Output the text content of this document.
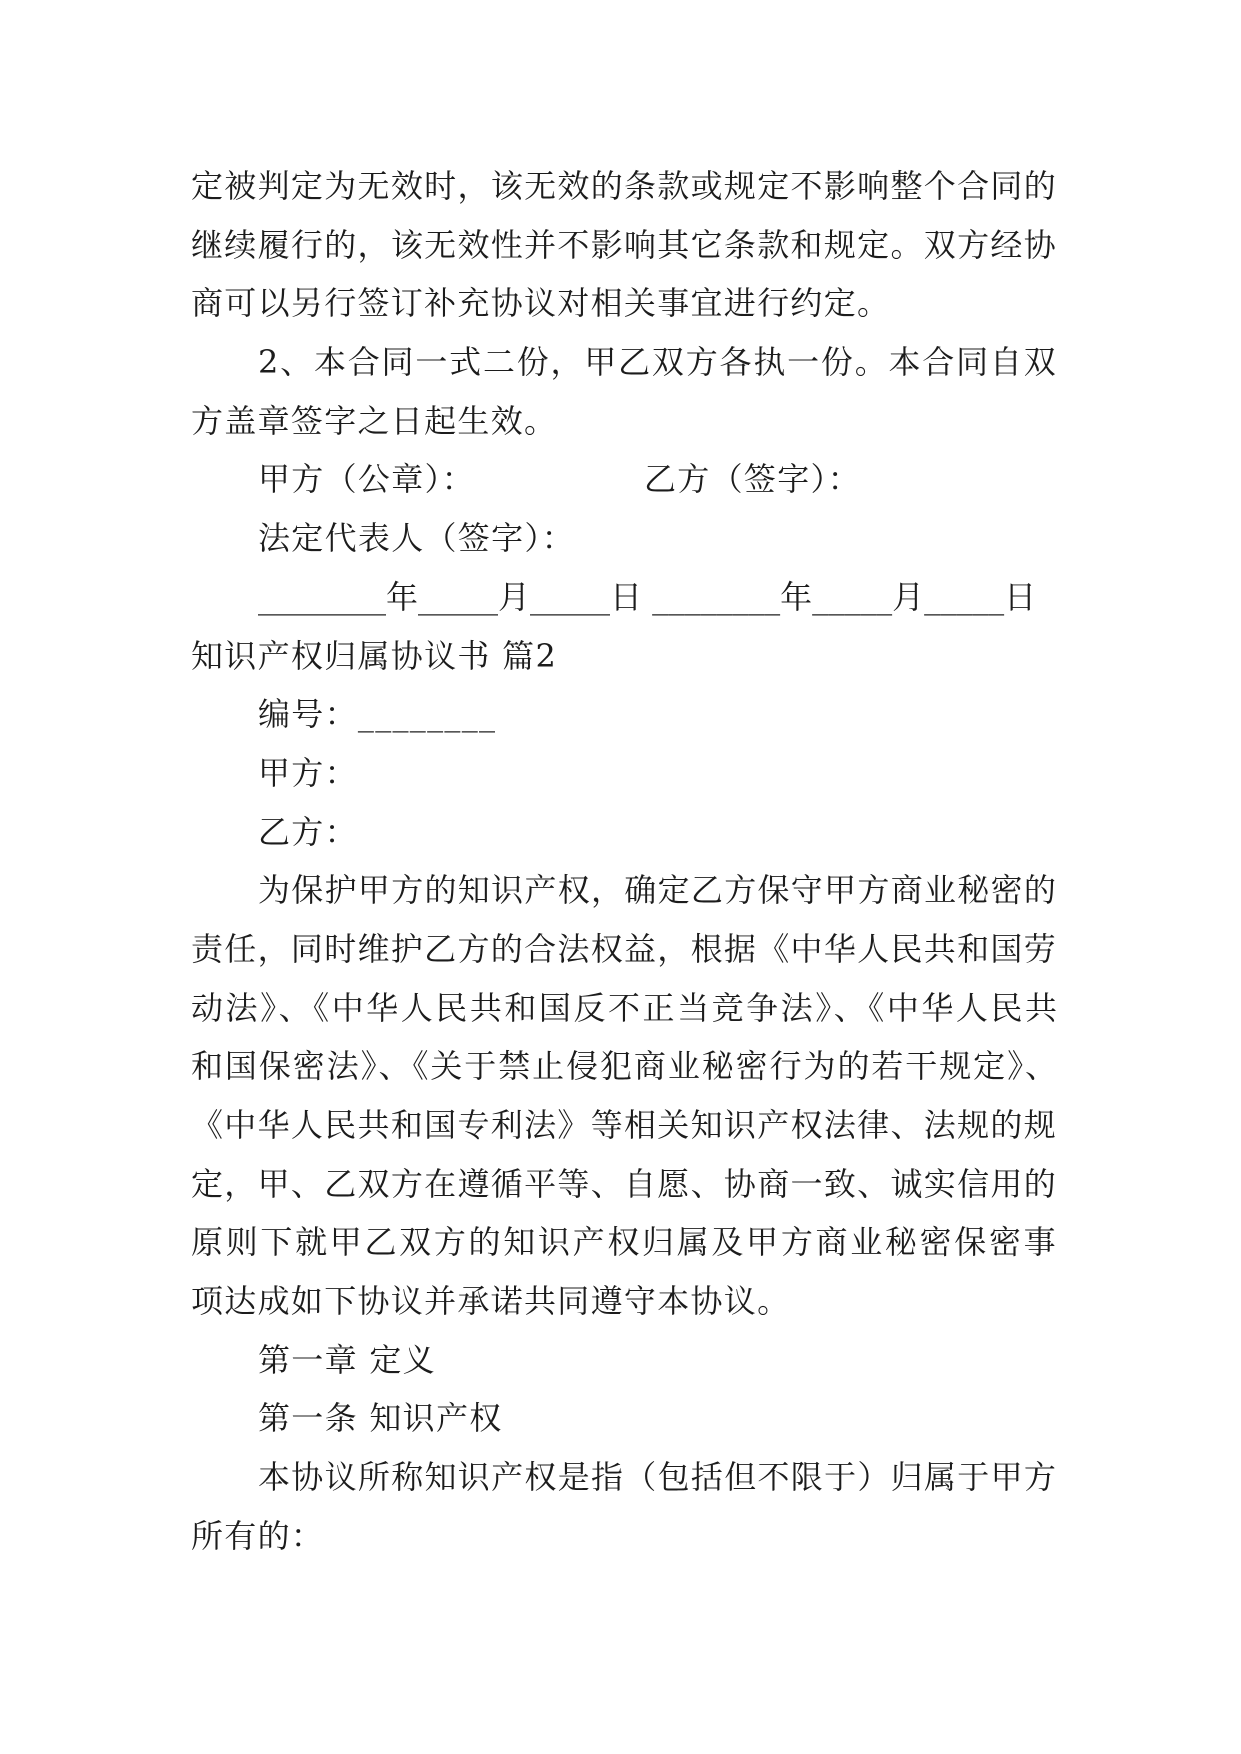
定被判定为无效时，该无效的条款或规定不影响整个合同的
继续履行的，该无效性并不影响其它条款和规定。双方经协
商可以另行签订补充协议对相关事宜进行约定。
2、本合同一式二份，甲乙双方各执一份。本合同自双
方盖章签字之日起生效。
甲方（公章）：	乙方（签字）：
法定代表人（签字）：
________年_____月_____日 ________年_____月_____日
知识产权归属协议书 篇2
编号：________
甲方：
乙方：
为保护甲方的知识产权，确定乙方保守甲方商业秘密的
责任，同时维护乙方的合法权益，根据《中华人民共和国劳
动法》、《中华人民共和国反不正当竞争法》、《中华人民共
和国保密法》、《关于禁止侵犯商业秘密行为的若干规定》、
《中华人民共和国专利法》等相关知识产权法律、法规的规
定，甲、乙双方在遵循平等、自愿、协商一致、诚实信用的
原则下就甲乙双方的知识产权归属及甲方商业秘密保密事
项达成如下协议并承诺共同遵守本协议。
第一章 定义
第一条 知识产权
本协议所称知识产权是指（包括但不限于）归属于甲方
所有的：
